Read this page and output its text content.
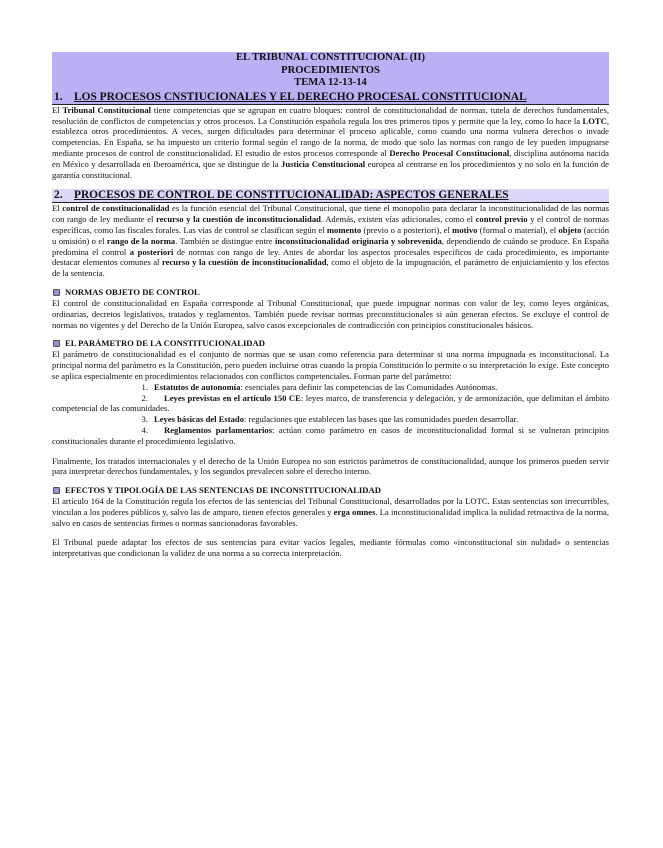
EL TRIBUNAL CONSTITUCIONAL (II)
PROCEDIMIENTOS
TEMA 12-13-14
1. LOS PROCESOS CNSTIUCIONALES Y EL DERECHO PROCESAL CONSTITUCIONAL

El Tribunal Constitucional tiene competencias que se agrupan en cuatro bloques: control de constitucionalidad de normas, tutela de derechos fundamentales, resolución de conflictos de competencias y otros procesos. La Constitución española regula los tres primeros tipos y permite que la ley, como lo hace la LOTC, establezca otros procedimientos. A veces, surgen dificultades para determinar el proceso aplicable, como cuando una norma vulnera derechos o invade competencias. En España, se ha impuesto un criterio formal según el rango de la norma, de modo que solo las normas con rango de ley pueden impugnarse mediante procesos de control de constitucionalidad. El estudio de estos procesos corresponde al Derecho Procesal Constitucional, disciplina autónoma nacida en México y desarrollada en Iberoamérica, que se distingue de la Justicia Constitucional europea al centrarse en los procedimientos y no solo en la función de garantía constitucional.

2. PROCESOS DE CONTROL DE CONSTITUCIONALIDAD: ASPECTOS GENERALES

El control de constitucionalidad es la función esencial del Tribunal Constitucional, que tiene el monopolio para declarar la inconstitucionalidad de las normas con rango de ley mediante el recurso y la cuestión de inconstitucionalidad. Además, existen vías adicionales, como el control previo y el control de normas específicas, como las fiscales forales. Las vías de control se clasifican según el momento (previo o a posteriori), el motivo (formal o material), el objeto (acción u omisión) o el rango de la norma. También se distingue entre inconstitucionalidad originaria y sobrevenida, dependiendo de cuándo se produce. En España predomina el control a posteriori de normas con rango de ley. Antes de abordar los aspectos procesales específicos de cada procedimiento, es importante destacar elementos comunes al recurso y la cuestión de inconstitucionalidad, como el objeto de la impugnación, el parámetro de enjuiciamiento y los efectos de la sentencia.

NORMAS OBJETO DE CONTROL

El control de constitucionalidad en España corresponde al Tribunal Constitucional, que puede impugnar normas con valor de ley, como leyes orgánicas, ordinarias, decretos legislativos, tratados y reglamentos. También puede revisar normas preconstitucionales si aún generan efectos. Se excluye el control de normas no vigentes y del Derecho de la Unión Europea, salvo casos excepcionales de contradicción con principios constitucionales básicos.

EL PARÁMETRO DE LA CONSTITUCIONALIDAD

El parámetro de constitucionalidad es el conjunto de normas que se usan como referencia para determinar si una norma impugnada es inconstitucional. La principal norma del parámetro es la Constitución, pero pueden incluirse otras cuando la propia Constitución lo permite o su interpretación lo exige. Este concepto se aplica especialmente en procedimientos relacionados con conflictos competenciales. Forman parte del parámetro:

1. Estatutos de autonomía: esenciales para definir las competencias de las Comunidades Autónomas.
2. Leyes previstas en el artículo 150 CE: leyes marco, de transferencia y delegación, y de armonización, que delimitan el ámbito competencial de las comunidades.
3. Leyes básicas del Estado: regulaciones que establecen las bases que las comunidades pueden desarrollar.
4. Reglamentos parlamentarios: actúan como parámetro en casos de inconstitucionalidad formal si se vulneran principios constitucionales durante el procedimiento legislativo.

Finalmente, los tratados internacionales y el derecho de la Unión Europea no son estrictos parámetros de constitucionalidad, aunque los primeros pueden servir para interpretar derechos fundamentales, y los segundos prevalecen sobre el derecho interno.

EFECTOS Y TIPOLOGÍA DE LAS SENTENCIAS DE INCONSTITUCIONALIDAD

El artículo 164 de la Constitución regula los efectos de las sentencias del Tribunal Constitucional, desarrollados por la LOTC. Estas sentencias son irrecurribles, vinculan a los poderes públicos y, salvo las de amparo, tienen efectos generales y erga omnes. La inconstitucionalidad implica la nulidad retroactiva de la norma, salvo en casos de sentencias firmes o normas sancionadoras favorables.

El Tribunal puede adaptar los efectos de sus sentencias para evitar vacíos legales, mediante fórmulas como «inconstitucional sin nulidad» o sentencias interpretativas que condicionan la validez de una norma a su correcta interpretación.
